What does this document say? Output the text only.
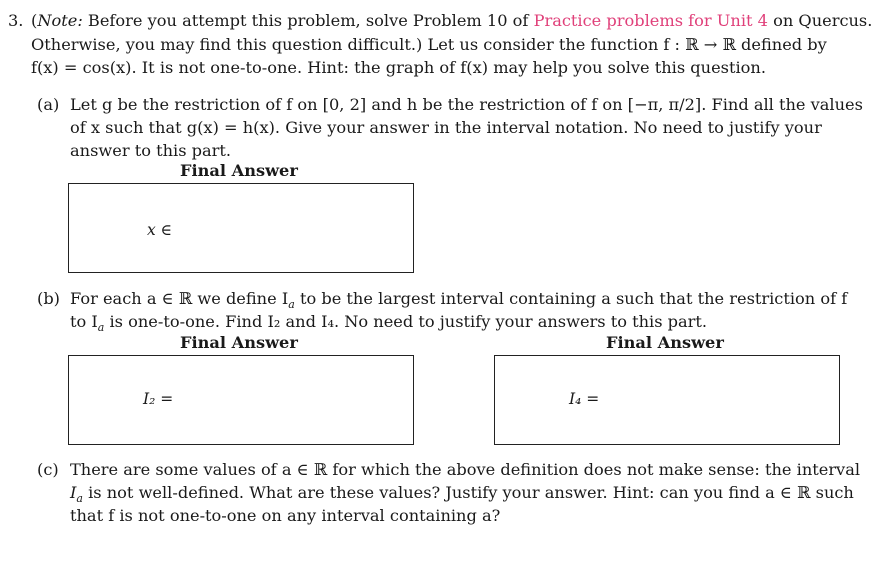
3. (Note: Before you attempt this problem, solve Problem 10 of Practice problems for Unit 4 on Quercus.
Otherwise, you may find this question difficult.) Let us consider the function f : ℝ → ℝ defined by
f(x) = cos(x). It is not one-to-one. Hint: the graph of f(x) may help you solve this question.
(a) Let g be the restriction of f on [0, 2] and h be the restriction of f on [−π, π/2]. Find all the values
of x such that g(x) = h(x). Give your answer in the interval notation. No need to justify your
answer to this part.
Final Answer
x ∈
(b) For each a ∈ ℝ we define $I_a$ to be the largest interval containing a such that the restriction of f
to $I_a$ is one-to-one. Find I₂ and I₄. No need to justify your answers to this part.
Final Answer	Final Answer
I₂ =	I₄ =
(c) There are some values of a ∈ ℝ for which the above definition does not make sense: the interval
$I_a$ is not well-defined. What are these values? Justify your answer. Hint: can you find a ∈ ℝ such
that f is not one-to-one on any interval containing a?
